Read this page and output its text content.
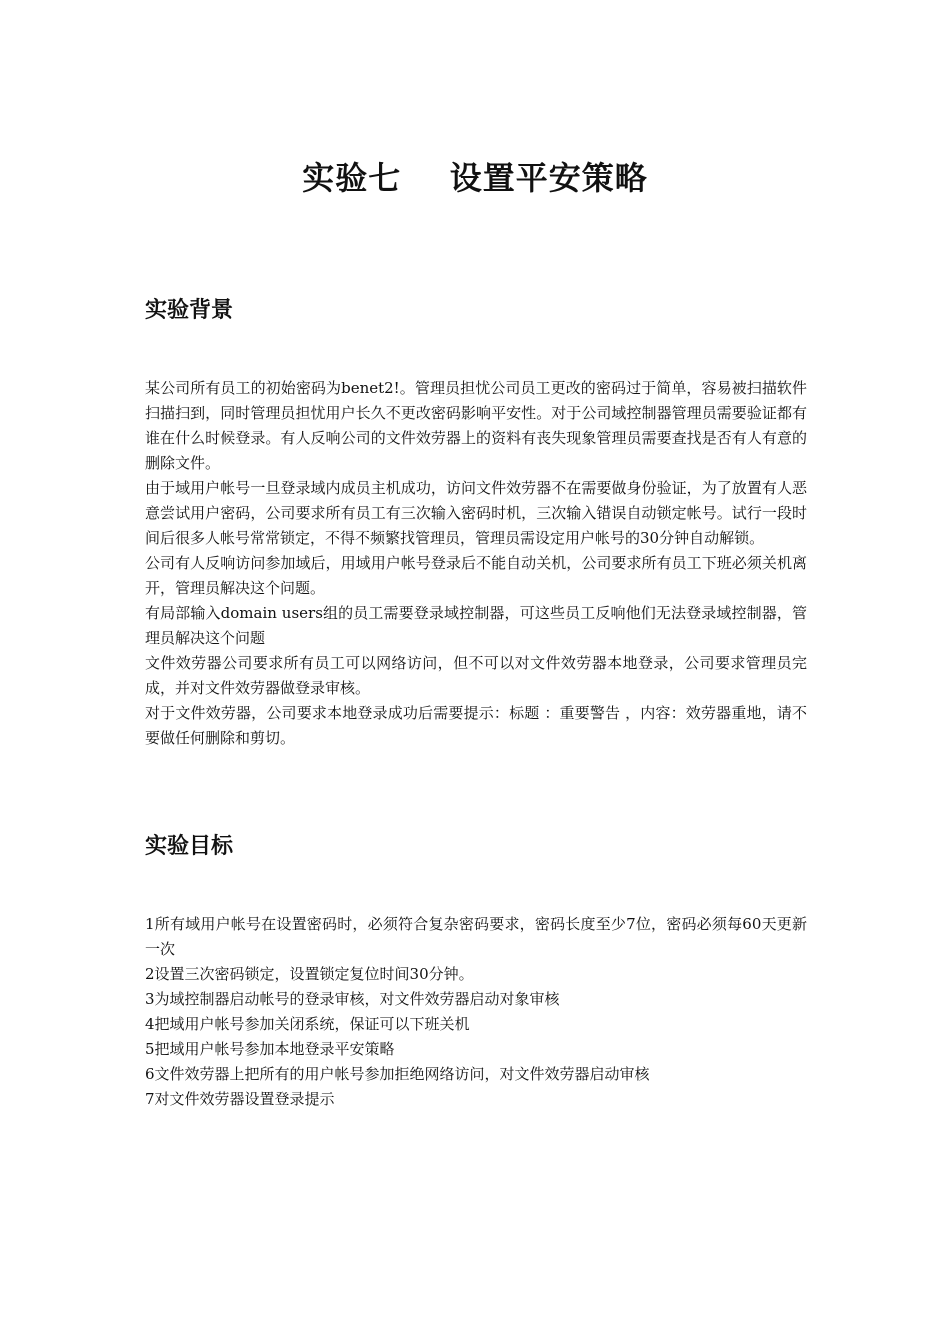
实验七    设置平安策略
实验背景

某公司所有员工的初始密码为benet2!。管理员担忧公司员工更改的密码过于简单，容易被扫描软件扫描扫到，同时管理员担忧用户长久不更改密码影响平安性。对于公司域控制器管理员需要验证都有谁在什么时候登录。有人反响公司的文件效劳器上的资料有丧失现象管理员需要查找是否有人有意的删除文件。

由于域用户帐号一旦登录域内成员主机成功，访问文件效劳器不在需要做身份验证，为了放置有人恶意尝试用户密码，公司要求所有员工有三次输入密码时机，三次输入错误自动锁定帐号。试行一段时间后很多人帐号常常锁定，不得不频繁找管理员，管理员需设定用户帐号的30分钟自动解锁。

公司有人反响访问参加域后，用域用户帐号登录后不能自动关机，公司要求所有员工下班必须关机离开，管理员解决这个问题。

有局部输入domain users组的员工需要登录域控制器，可这些员工反响他们无法登录域控制器，管理员解决这个问题

文件效劳器公司要求所有员工可以网络访问，但不可以对文件效劳器本地登录，公司要求管理员完成，并对文件效劳器做登录审核。

对于文件效劳器，公司要求本地登录成功后需要提示：标题 ：重要警告 ，内容：效劳器重地，请不要做任何删除和剪切。

实验目标

1所有域用户帐号在设置密码时，必须符合复杂密码要求，密码长度至少7位，密码必须每60天更新一次

2设置三次密码锁定，设置锁定复位时间30分钟。

3为域控制器启动帐号的登录审核，对文件效劳器启动对象审核

4把域用户帐号参加关闭系统，保证可以下班关机

5把域用户帐号参加本地登录平安策略

6文件效劳器上把所有的用户帐号参加拒绝网络访问，对文件效劳器启动审核

7对文件效劳器设置登录提示
